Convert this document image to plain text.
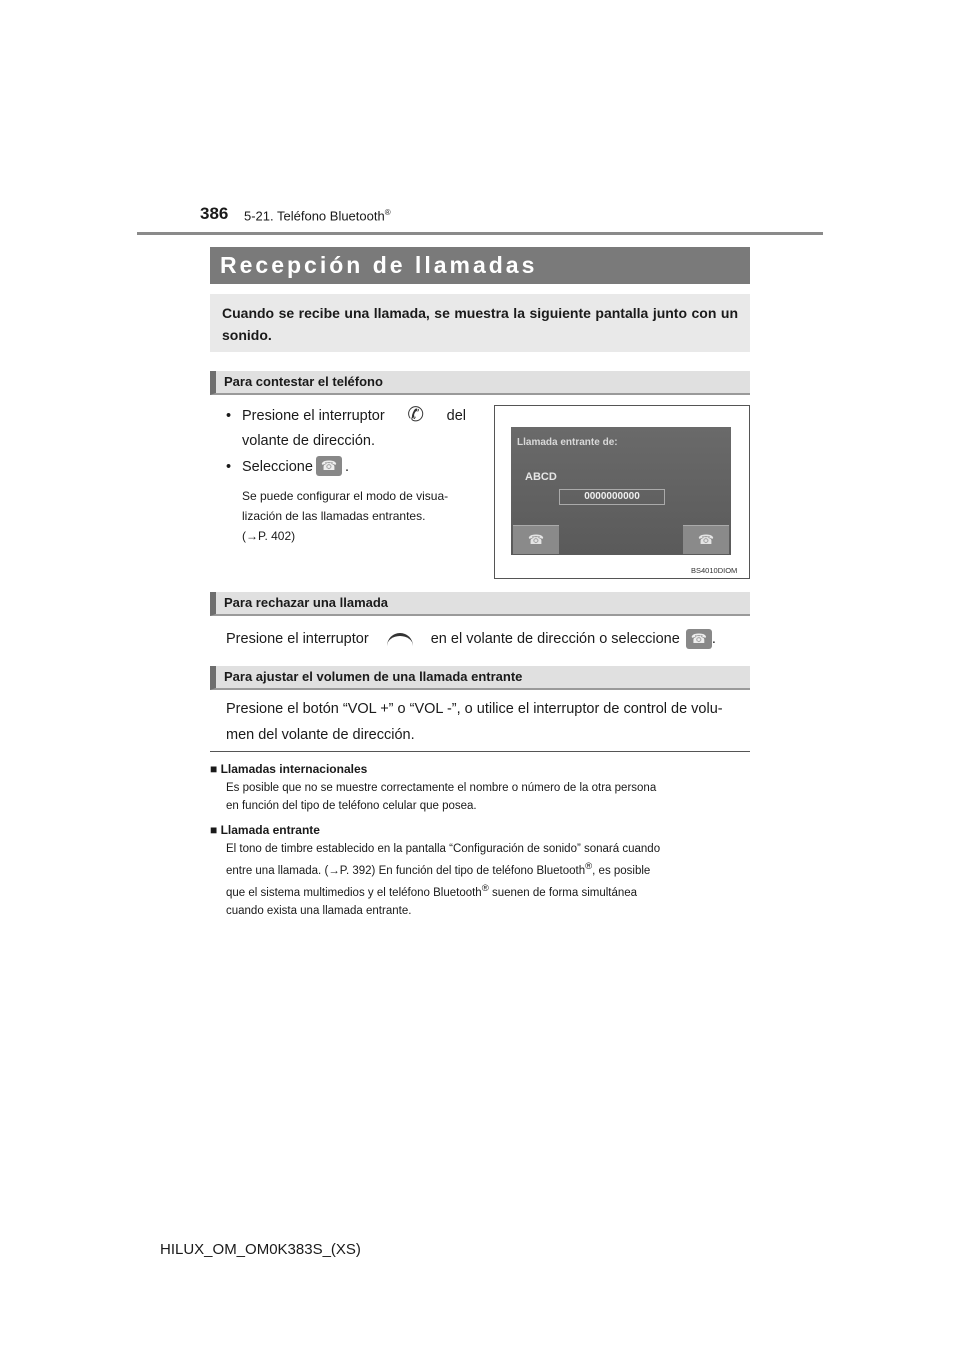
386 5-21. Teléfono Bluetooth®
Recepción de llamadas
Cuando se recibe una llamada, se muestra la siguiente pantalla junto con un sonido.
Para contestar el teléfono
• Presione el interruptor ✆ del
volante de dirección.
• Seleccione ☎ .
Se puede configurar el modo de visua-
lización de las llamadas entrantes.
(→P. 402)
Llamada entrante de:
ABCD
0000000000
☎	☎
BS4010DIOM
Para rechazar una llamada
Presione el interruptor	en el volante de dirección o seleccione ☎ .
Para ajustar el volumen de una llamada entrante
Presione el botón “VOL +” o “VOL -”, o utilice el interruptor de control de volu-
men del volante de dirección.
■ Llamadas internacionales
Es posible que no se muestre correctamente el nombre o número de la otra persona
en función del tipo de teléfono celular que posea.
■ Llamada entrante
El tono de timbre establecido en la pantalla “Configuración de sonido” sonará cuando
entre una llamada. (→P. 392) En función del tipo de teléfono Bluetooth®, es posible
que el sistema multimedios y el teléfono Bluetooth® suenen de forma simultánea
cuando exista una llamada entrante.
HILUX_OM_OM0K383S_(XS)
